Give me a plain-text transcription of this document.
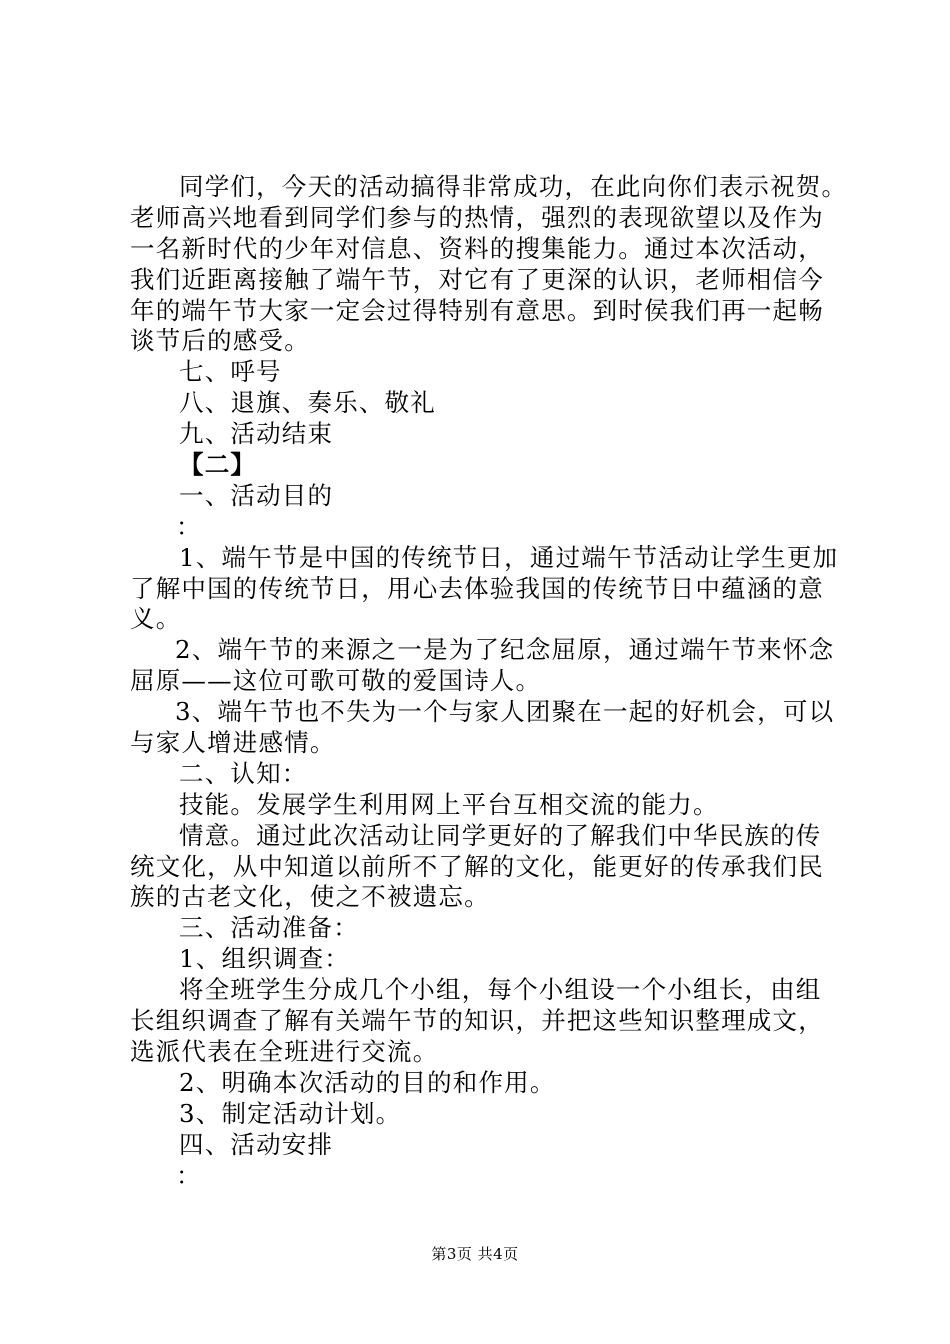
同学们，今天的活动搞得非常成功，在此向你们表示祝贺。
老师高兴地看到同学们参与的热情，强烈的表现欲望以及作为
一名新时代的少年对信息、资料的搜集能力。通过本次活动，
我们近距离接触了端午节，对它有了更深的认识，老师相信今
年的端午节大家一定会过得特别有意思。到时侯我们再一起畅
谈节后的感受。
七、呼号
八、退旗、奏乐、敬礼
九、活动结束
【二】
一、活动目的
：
1、端午节是中国的传统节日，通过端午节活动让学生更加
了解中国的传统节日，用心去体验我国的传统节日中蕴涵的意
义。
2、端午节的来源之一是为了纪念屈原，通过端午节来怀念
屈原——这位可歌可敬的爱国诗人。
3、端午节也不失为一个与家人团聚在一起的好机会，可以
与家人增进感情。
二、认知：
技能。发展学生利用网上平台互相交流的能力。
情意。通过此次活动让同学更好的了解我们中华民族的传
统文化，从中知道以前所不了解的文化，能更好的传承我们民
族的古老文化，使之不被遗忘。
三、活动准备：
1、组织调查：
将全班学生分成几个小组，每个小组设一个小组长，由组
长组织调查了解有关端午节的知识，并把这些知识整理成文，
选派代表在全班进行交流。
2、明确本次活动的目的和作用。
3、制定活动计划。
四、活动安排
：
第3页 共4页
